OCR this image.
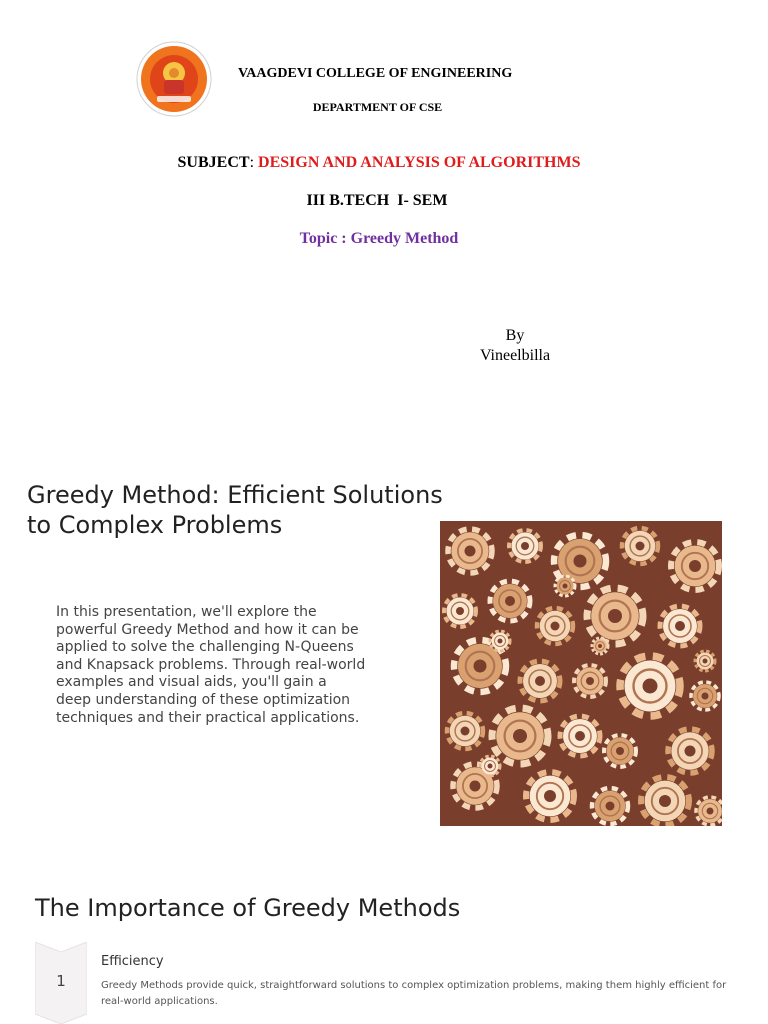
VAAGDEVI COLLEGE OF ENGINEERING
DEPARTMENT OF CSE
SUBJECT: DESIGN AND ANALYSIS OF ALGORITHMS
III B.TECH  I- SEM
Topic : Greedy Method
By
Vineelbilla
Greedy Method: Efficient Solutions to Complex Problems
In this presentation, we'll explore the powerful Greedy Method and how it can be applied to solve the challenging N-Queens and Knapsack problems. Through real-world examples and visual aids, you'll gain a deep understanding of these optimization techniques and their practical applications.
The Importance of Greedy Methods
1
Efficiency
Greedy Methods provide quick, straightforward solutions to complex optimization problems, making them highly efficient for real-world applications.
